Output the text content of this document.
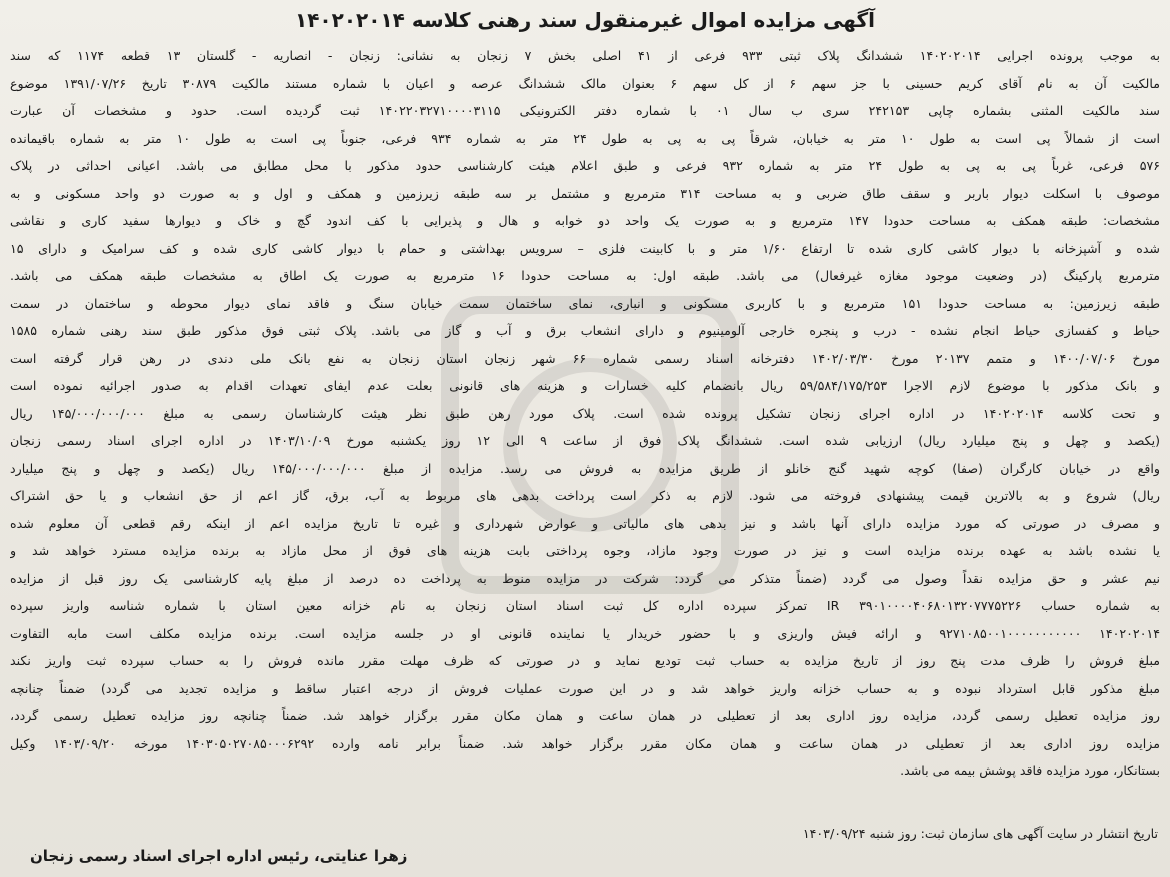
آگهی مزایده اموال غیرمنقول سند رهنی کلاسه ۱۴۰۲۰۲۰۱۴
به موجب پرونده اجرایی ۱۴۰۲۰۲۰۱۴ ششدانگ پلاک ثبتی ۹۳۳ فرعی از ۴۱ اصلی بخش ۷ زنجان به نشانی: زنجان - انصاریه - گلستان ۱۳ قطعه ۱۱۷۴ که سند
مالکیت آن به نام آقای کریم حسینی با جز سهم ۶ از کل سهم ۶ بعنوان مالک ششدانگ عرصه و اعیان با شماره مستند مالکیت ۳۰۸۷۹ تاریخ ۱۳۹۱/۰۷/۲۶ موضوع
سند مالکیت المثنی بشماره چاپی ۲۴۲۱۵۳ سری ب سال ۰۱ با شماره دفتر الکترونیکی ۱۴۰۲۲۰۳۲۷۱۰۰۰۰۳۱۱۵ ثبت گردیده است. حدود و مشخصات آن عبارت
است از شمالاً پی است به طول ۱۰ متر به خیابان، شرقاً پی به پی به طول ۲۴ متر به شماره ۹۳۴ فرعی، جنوباً پی است به طول ۱۰ متر به شماره باقیمانده
۵۷۶ فرعی، غرباً پی به پی به طول ۲۴ متر به شماره ۹۳۲ فرعی و طبق اعلام هیئت کارشناسی حدود مذکور با محل مطابق می باشد. اعیانی احداثی در پلاک
موصوف با اسکلت دیوار باربر و سقف طاق ضربی و به مساحت ۳۱۴ مترمربع و مشتمل بر سه طبقه زیرزمین و همکف و اول و به صورت دو واحد مسکونی و به
مشخصات: طبقه همکف به مساحت حدودا ۱۴۷ مترمربع و به صورت یک واحد دو خوابه و هال و پذیرایی با کف اندود گچ و خاک و دیوارها سفید کاری و نقاشی
شده و آشپزخانه با دیوار کاشی کاری شده تا ارتفاع ۱/۶۰ متر و با کابینت فلزی – سرویس بهداشتی و حمام با دیوار کاشی کاری شده و کف سرامیک و دارای ۱۵
مترمربع پارکینگ (در وضعیت موجود مغازه غیرفعال) می باشد. طبقه اول: به مساحت حدودا ۱۶ مترمربع به صورت یک اطاق به مشخصات طبقه همکف می باشد.
طبقه زیرزمین: به مساحت حدودا ۱۵۱ مترمربع و با کاربری مسکونی و انباری، نمای ساختمان سمت خیابان سنگ و فاقد نمای دیوار محوطه و ساختمان در سمت
حیاط و کفسازی حیاط انجام نشده - درب و پنجره خارجی آلومینیوم و دارای انشعاب برق و آب و گاز می باشد. پلاک ثبتی فوق مذکور طبق سند رهنی شماره ۱۵۸۵
مورخ ۱۴۰۰/۰۷/۰۶ و متمم ۲۰۱۳۷ مورخ ۱۴۰۲/۰۳/۳۰ دفترخانه اسناد رسمی شماره ۶۶ شهر زنجان استان زنجان به نفع بانک ملی دندی در رهن قرار گرفته است
و بانک مذکور با موضوع لازم الاجرا ۵۹/۵۸۴/۱۷۵/۲۵۳ ریال بانضمام کلیه خسارات و هزینه های قانونی بعلت عدم ایفای تعهدات اقدام به صدور اجرائیه نموده است
و تحت کلاسه ۱۴۰۲۰۲۰۱۴ در اداره اجرای زنجان تشکیل پرونده شده است. پلاک مورد رهن طبق نظر هیئت کارشناسان رسمی به مبلغ ۱۴۵/۰۰۰/۰۰۰/۰۰۰ ریال
(یکصد و چهل و پنج میلیارد ریال) ارزیابی شده است. ششدانگ پلاک فوق از ساعت ۹ الی ۱۲ روز یکشنبه مورخ ۱۴۰۳/۱۰/۰۹ در اداره اجرای اسناد رسمی زنجان
واقع در خیابان کارگران (صفا) کوچه شهید گنج خانلو از طریق مزایده به فروش می رسد. مزایده از مبلغ ۱۴۵/۰۰۰/۰۰۰/۰۰۰ ریال (یکصد و چهل و پنج میلیارد
ریال) شروع و به بالاترین قیمت پیشنهادی فروخته می شود. لازم به ذکر است پرداخت بدهی های مربوط به آب، برق، گاز اعم از حق انشعاب و یا حق اشتراک
و مصرف در صورتی که مورد مزایده دارای آنها باشد و نیز بدهی های مالیاتی و عوارض شهرداری و غیره تا تاریخ مزایده اعم از اینکه رقم قطعی آن معلوم شده
یا نشده باشد به عهده برنده مزایده است و نیز در صورت وجود مازاد، وجوه پرداختی بابت هزینه های فوق از محل مازاد به برنده مزایده مسترد خواهد شد و
نیم عشر و حق مزایده نقداً وصول می گردد (ضمناً متذکر می گردد: شرکت در مزایده منوط به پرداخت ده درصد از مبلغ پایه کارشناسی یک روز قبل از مزایده
به شماره حساب IR ۳۹۰۱۰۰۰۰۴۰۶۸۰۱۳۲۰۷۷۷۵۲۲۶ تمرکز سپرده اداره کل ثبت اسناد استان زنجان به نام خزانه معین استان با شماره شناسه واریز سپرده
۱۴۰۲۰۲۰۱۴ ۹۲۷۱۰۸۵۰۰۱۰۰۰۰۰۰۰۰۰۰۰ و ارائه فیش واریزی و با حضور خریدار یا نماینده قانونی او در جلسه مزایده است. برنده مزایده مکلف است مابه التفاوت
مبلغ فروش را ظرف مدت پنج روز از تاریخ مزایده به حساب ثبت تودیع نماید و در صورتی که ظرف مهلت مقرر مانده فروش را به حساب سپرده ثبت واریز نکند
مبلغ مذکور قابل استرداد نبوده و به حساب خزانه واریز خواهد شد و در این صورت عملیات فروش از درجه اعتبار ساقط و مزایده تجدید می گردد) ضمناً چنانچه
روز مزایده تعطیل رسمی گردد، مزایده روز اداری بعد از تعطیلی در همان ساعت و همان مکان مقرر برگزار خواهد شد. ضمناً چنانچه روز مزایده تعطیل رسمی گردد،
مزایده روز اداری بعد از تعطیلی در همان ساعت و همان مکان مقرر برگزار خواهد شد. ضمناً برابر نامه وارده ۱۴۰۳۰۵۰۲۷۰۸۵۰۰۰۶۲۹۲ مورخه ۱۴۰۳/۰۹/۲۰ وکیل
بستانکار، مورد مزایده فاقد پوشش بیمه می باشد.
تاریخ انتشار در سایت آگهی های سازمان ثبت: روز شنبه ۱۴۰۳/۰۹/۲۴
زهرا عنایتی، رئیس اداره اجرای اسناد رسمی زنجان
